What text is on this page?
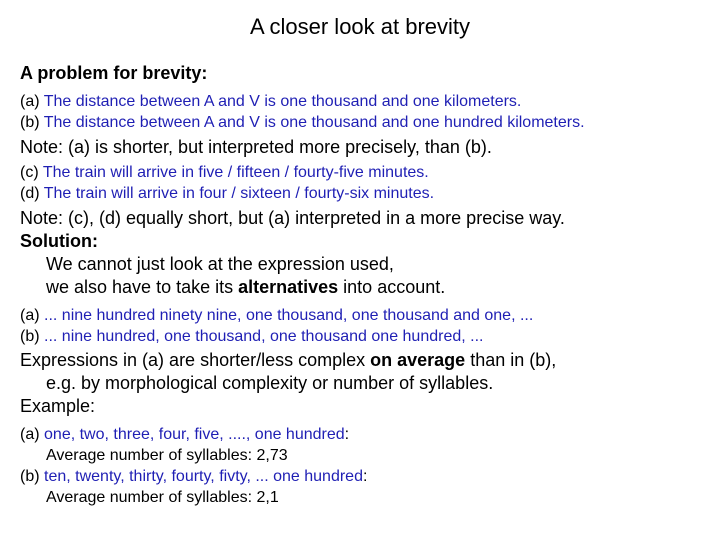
A closer look at brevity
A problem for brevity:
(a) The distance between A and V is one thousand and one kilometers.
(b) The distance between A and V is one thousand and one hundred kilometers.
Note: (a) is shorter, but interpreted more precisely, than (b).
(c) The train will arrive in five / fifteen / fourty-five minutes.
(d) The train will arrive in four / sixteen / fourty-six minutes.
Note: (c), (d) equally short, but (a) interpreted in a more precise way.
Solution:
We cannot just look at the expression used,
we also have to take its alternatives into account.
(a) ... nine hundred ninety nine, one thousand, one thousand and one, ...
(b) ... nine hundred, one thousand, one thousand one hundred, ...
Expressions in (a) are shorter/less complex on average than in (b),
e.g. by morphological complexity or number of syllables.
Example:
(a) one, two, three, four, five, ...., one hundred:
Average number of syllables: 2,73
(b) ten, twenty, thirty, fourty, fivty, ... one hundred:
Average number of syllables: 2,1
